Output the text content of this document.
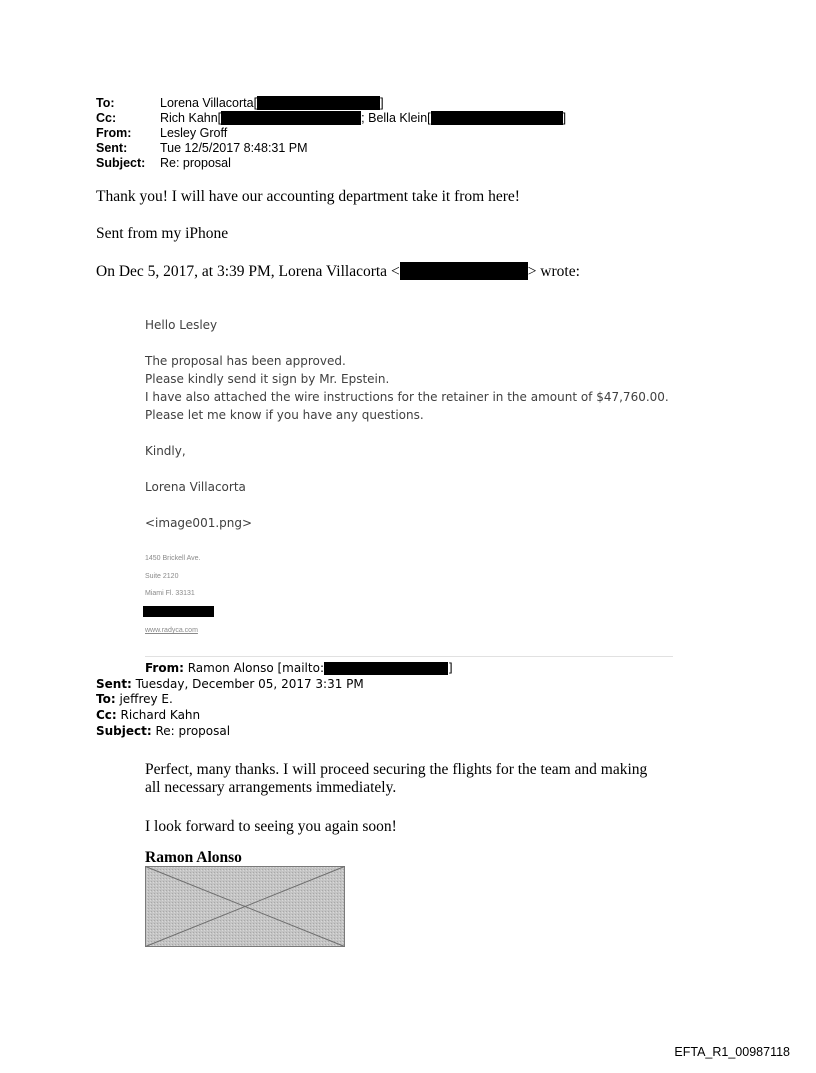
To:	Lorena Villacorta[	]
Cc:	Rich Kahn[	; Bella Klein[	]
From: Lesley Groff
Sent:	Tue 12/5/2017 8:48:31 PM
Subject: Re: proposal
Thank you! I will have our accounting department take it from here!
Sent from my iPhone
On Dec 5, 2017, at 3:39 PM, Lorena Villacorta <	> wrote:
Hello Lesley
The proposal has been approved.
Please kindly send it sign by Mr. Epstein.
I have also attached the wire instructions for the retainer in the amount of $47,760.00.
Please let me know if you have any questions.
Kindly,
Lorena Villacorta
<image001.png>
1450 Brickell Ave.
Suite 2120
Miami Fl. 33131
www.radyca.com
From: Ramon Alonso [mailto:	]
Sent: Tuesday, December 05, 2017 3:31 PM
To: jeffrey E.
Cc: Richard Kahn
Subject: Re: proposal
Perfect, many thanks. I will proceed securing the flights for the team and making
all necessary arrangements immediately.
I look forward to seeing you again soon!
Ramon Alonso
EFTA_R1_00987118
